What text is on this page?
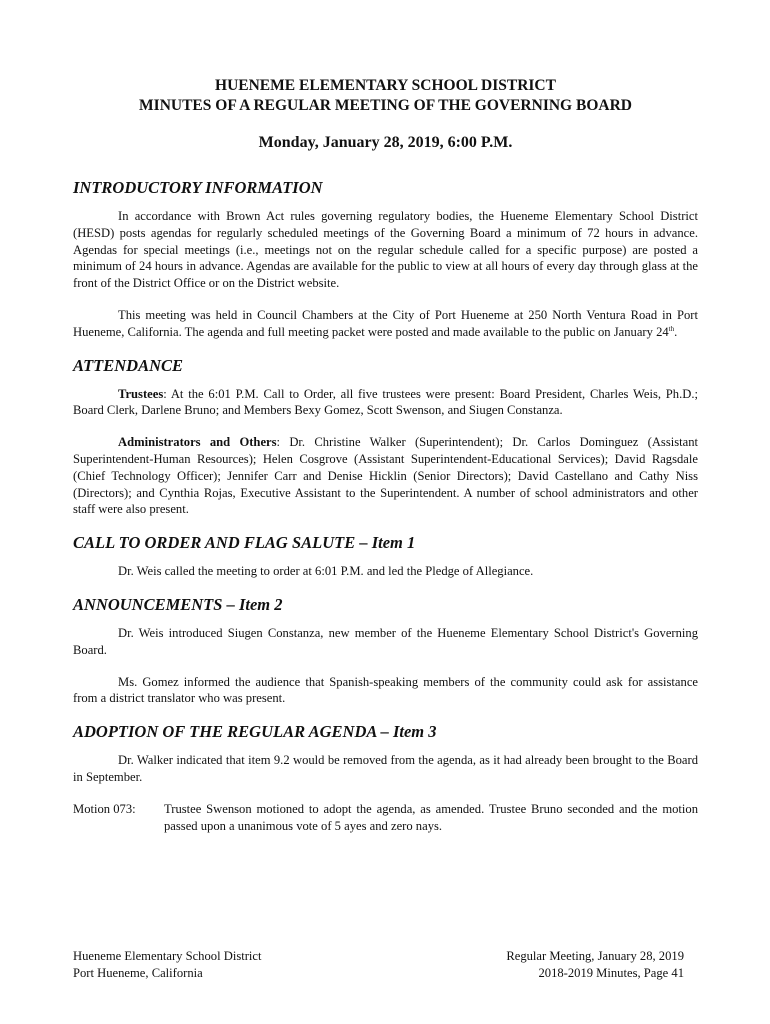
HUENEME ELEMENTARY SCHOOL DISTRICT
MINUTES OF A REGULAR MEETING OF THE GOVERNING BOARD
Monday, January 28, 2019, 6:00 P.M.
INTRODUCTORY INFORMATION

In accordance with Brown Act rules governing regulatory bodies, the Hueneme Elementary School District (HESD) posts agendas for regularly scheduled meetings of the Governing Board a minimum of 72 hours in advance. Agendas for special meetings (i.e., meetings not on the regular schedule called for a specific purpose) are posted a minimum of 24 hours in advance. Agendas are available for the public to view at all hours of every day through glass at the front of the District Office or on the District website.

This meeting was held in Council Chambers at the City of Port Hueneme at 250 North Ventura Road in Port Hueneme, California. The agenda and full meeting packet were posted and made available to the public on January 24th.

ATTENDANCE

Trustees: At the 6:01 P.M. Call to Order, all five trustees were present: Board President, Charles Weis, Ph.D.; Board Clerk, Darlene Bruno; and Members Bexy Gomez, Scott Swenson, and Siugen Constanza.

Administrators and Others: Dr. Christine Walker (Superintendent); Dr. Carlos Dominguez (Assistant Superintendent-Human Resources); Helen Cosgrove (Assistant Superintendent-Educational Services); David Ragsdale (Chief Technology Officer); Jennifer Carr and Denise Hicklin (Senior Directors); David Castellano and Cathy Niss (Directors); and Cynthia Rojas, Executive Assistant to the Superintendent. A number of school administrators and other staff were also present.

CALL TO ORDER AND FLAG SALUTE – Item 1

Dr. Weis called the meeting to order at 6:01 P.M. and led the Pledge of Allegiance.

ANNOUNCEMENTS – Item 2

Dr. Weis introduced Siugen Constanza, new member of the Hueneme Elementary School District's Governing Board.

Ms. Gomez informed the audience that Spanish-speaking members of the community could ask for assistance from a district translator who was present.

ADOPTION OF THE REGULAR AGENDA – Item 3

Dr. Walker indicated that item 9.2 would be removed from the agenda, as it had already been brought to the Board in September.

Motion 073:	Trustee Swenson motioned to adopt the agenda, as amended. Trustee Bruno seconded and the motion passed upon a unanimous vote of 5 ayes and zero nays.
Hueneme Elementary School District
Port Hueneme, California
Regular Meeting, January 28, 2019
2018-2019 Minutes, Page 41
